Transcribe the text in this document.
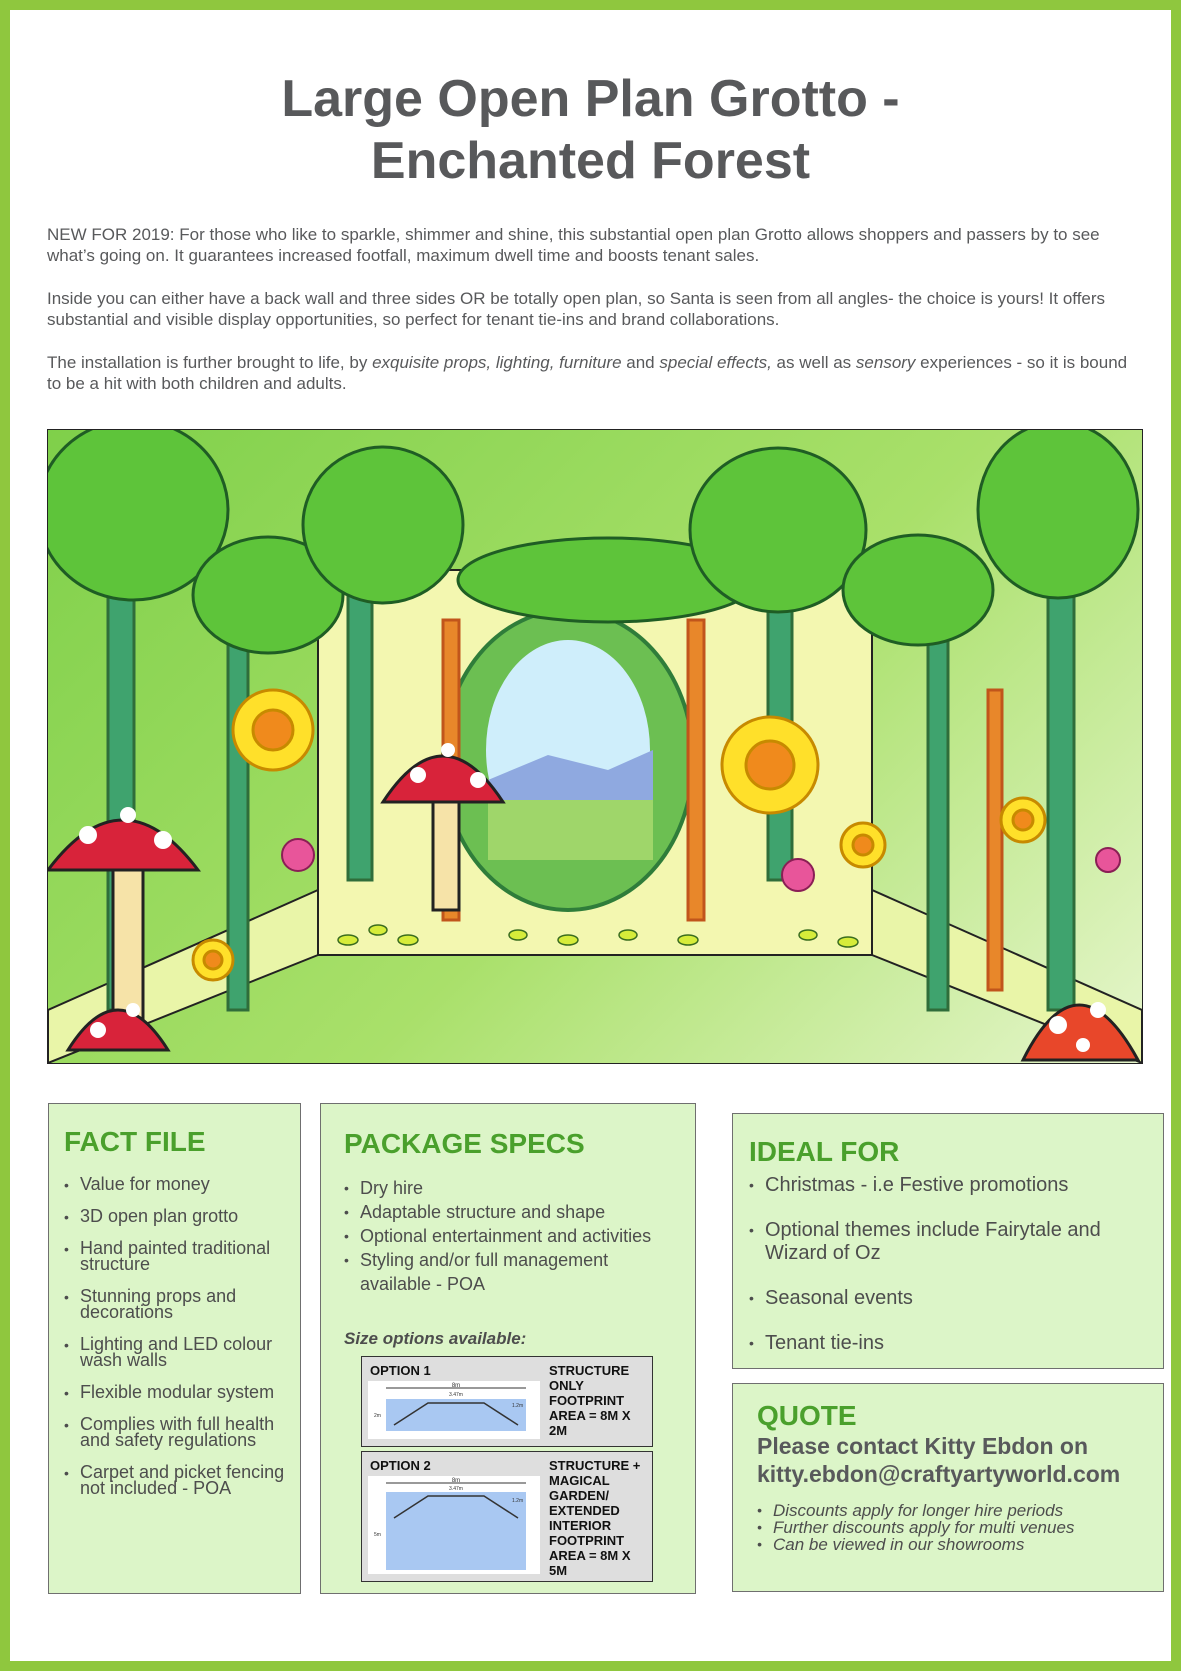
Large Open Plan Grotto -
Enchanted Forest

NEW FOR 2019: For those who like to sparkle, shimmer and shine, this substantial open plan Grotto allows shoppers and passers by to see what’s going on. It guarantees increased footfall, maximum dwell time and boosts tenant sales.

Inside you can either have a back wall and three sides OR be totally open plan, so Santa is seen from all angles- the choice is yours! It offers substantial and visible display opportunities, so perfect for tenant tie-ins and brand collaborations.

The installation is further brought to life, by exquisite props, lighting, furniture and special effects, as well as sensory experiences - so it is bound to be a hit with both children and adults.

FACT FILE
• Value for money
• 3D open plan grotto
• Hand painted traditional structure
• Stunning props and decorations
• Lighting and LED colour wash walls
• Flexible modular system
• Complies with full health and safety regulations
• Carpet and picket fencing not included - POA
PACKAGE SPECS
• Dry hire
• Adaptable structure and shape
• Optional entertainment and activities
• Styling and/or full management available - POA
Size options available:
OPTION 1	STRUCTURE ONLY FOOTPRINT AREA = 8M X 2M
8m
3.47m
1.2m
2m
OPTION 2	STRUCTURE + MAGICAL GARDEN/ EXTENDED INTERIOR FOOTPRINT AREA = 8M X 5M
8m
3.47m
1.2m
5m
IDEAL FOR
• Christmas - i.e Festive promotions
• Optional themes include Fairytale and Wizard of Oz
• Seasonal events
• Tenant tie-ins
QUOTE
Please contact Kitty Ebdon on
kitty.ebdon@craftyartyworld.com
• Discounts apply for longer hire periods
• Further discounts apply for multi venues
• Can be viewed in our showrooms
